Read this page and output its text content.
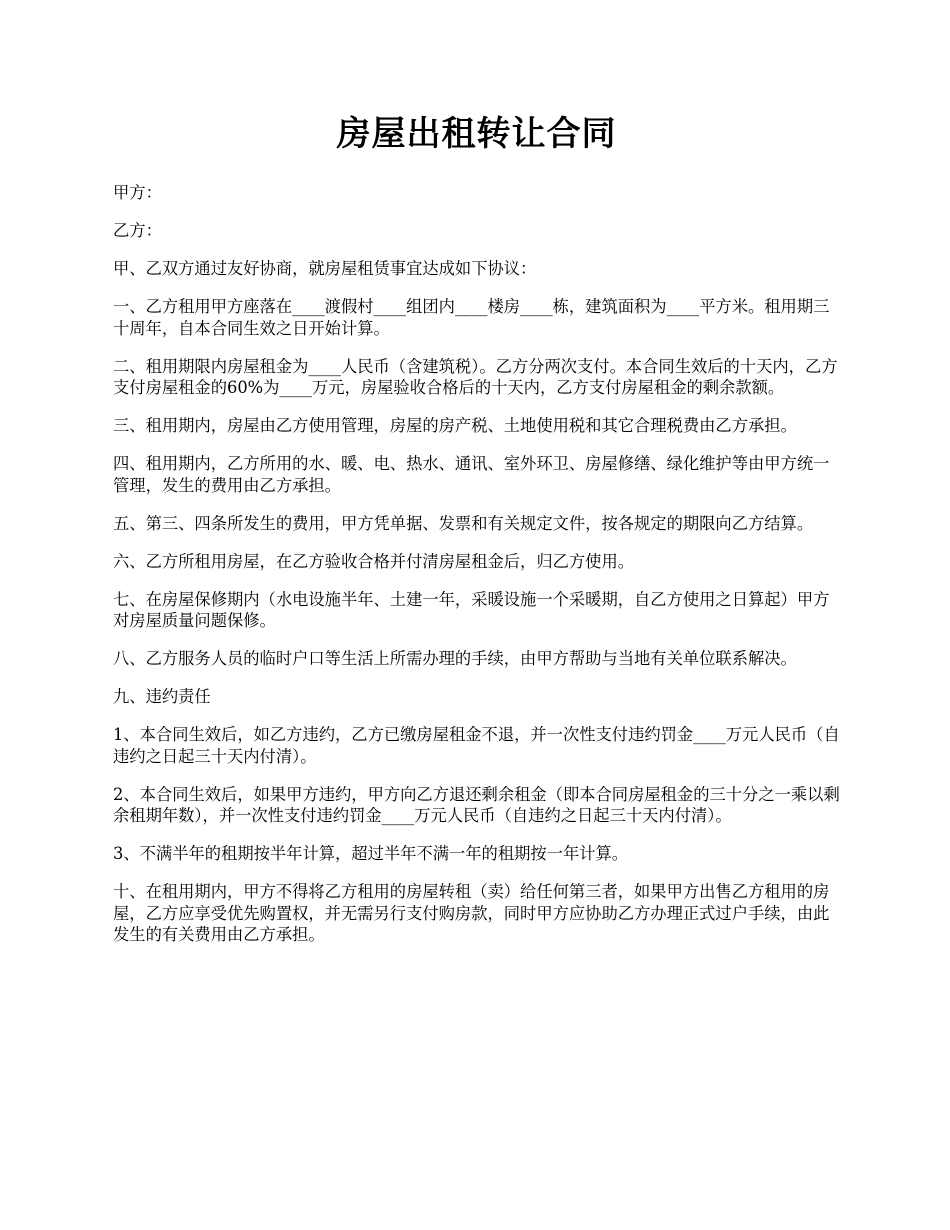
房屋出租转让合同

甲方：

乙方：

甲、乙双方通过友好协商，就房屋租赁事宜达成如下协议：

一、乙方租用甲方座落在____渡假村____组团内____楼房____栋，建筑面积为____平方米。租用期三十周年，自本合同生效之日开始计算。

二、租用期限内房屋租金为____人民币（含建筑税）。乙方分两次支付。本合同生效后的十天内，乙方支付房屋租金的60%为____万元，房屋验收合格后的十天内，乙方支付房屋租金的剩余款额。

三、租用期内，房屋由乙方使用管理，房屋的房产税、土地使用税和其它合理税费由乙方承担。

四、租用期内，乙方所用的水、暖、电、热水、通讯、室外环卫、房屋修缮、绿化维护等由甲方统一管理，发生的费用由乙方承担。

五、第三、四条所发生的费用，甲方凭单据、发票和有关规定文件，按各规定的期限向乙方结算。

六、乙方所租用房屋，在乙方验收合格并付清房屋租金后，归乙方使用。

七、在房屋保修期内（水电设施半年、土建一年，采暖设施一个采暖期，自乙方使用之日算起）甲方对房屋质量问题保修。

八、乙方服务人员的临时户口等生活上所需办理的手续，由甲方帮助与当地有关单位联系解决。

九、违约责任

1、本合同生效后，如乙方违约，乙方已缴房屋租金不退，并一次性支付违约罚金____万元人民币（自违约之日起三十天内付清）。

2、本合同生效后，如果甲方违约，甲方向乙方退还剩余租金（即本合同房屋租金的三十分之一乘以剩余租期年数），并一次性支付违约罚金____万元人民币（自违约之日起三十天内付清）。

3、不满半年的租期按半年计算，超过半年不满一年的租期按一年计算。

十、在租用期内，甲方不得将乙方租用的房屋转租（卖）给任何第三者，如果甲方出售乙方租用的房屋，乙方应享受优先购置权，并无需另行支付购房款，同时甲方应协助乙方办理正式过户手续，由此发生的有关费用由乙方承担。
